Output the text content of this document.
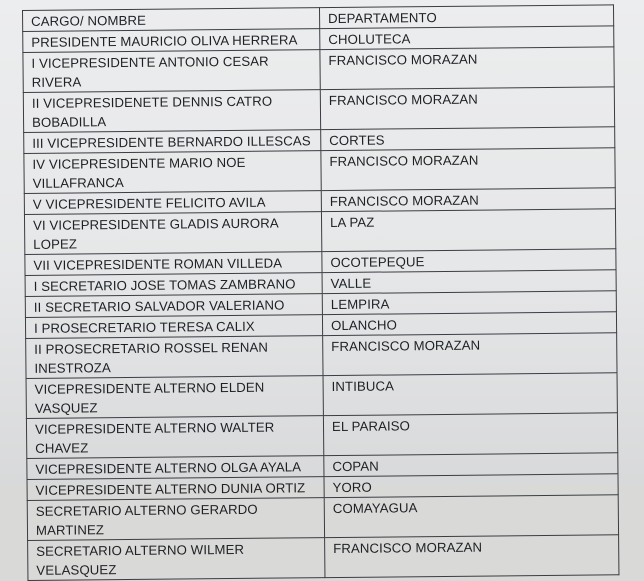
CARGO/ NOMBRE	DEPARTAMENTO
PRESIDENTE MAURICIO OLIVA HERRERA	CHOLUTECA
I VICEPRESIDENTE ANTONIO CESAR RIVERA	FRANCISCO MORAZAN
II VICEPRESIDENETE DENNIS CATRO BOBADILLA	FRANCISCO MORAZAN
III VICEPRESIDENTE BERNARDO ILLESCAS	CORTES
IV VICEPRESIDENTE MARIO NOE VILLAFRANCA	FRANCISCO MORAZAN
V VICEPRESIDENTE FELICITO AVILA	FRANCISCO MORAZAN
VI VICEPRESIDENTE GLADIS AURORA LOPEZ	LA PAZ
VII VICEPRESIDENTE ROMAN VILLEDA	OCOTEPEQUE
I SECRETARIO JOSE TOMAS ZAMBRANO	VALLE
II SECRETARIO SALVADOR VALERIANO	LEMPIRA
I PROSECRETARIO TERESA CALIX	OLANCHO
II PROSECRETARIO ROSSEL RENAN INESTROZA	FRANCISCO MORAZAN
VICEPRESIDENTE ALTERNO ELDEN VASQUEZ	INTIBUCA
VICEPRESIDENTE ALTERNO WALTER CHAVEZ	EL PARAISO
VICEPRESIDENTE ALTERNO OLGA AYALA	COPAN
VICEPRESIDENTE ALTERNO DUNIA ORTIZ	YORO
SECRETARIO ALTERNO GERARDO MARTINEZ	COMAYAGUA
SECRETARIO ALTERNO WILMER VELASQUEZ	FRANCISCO MORAZAN
